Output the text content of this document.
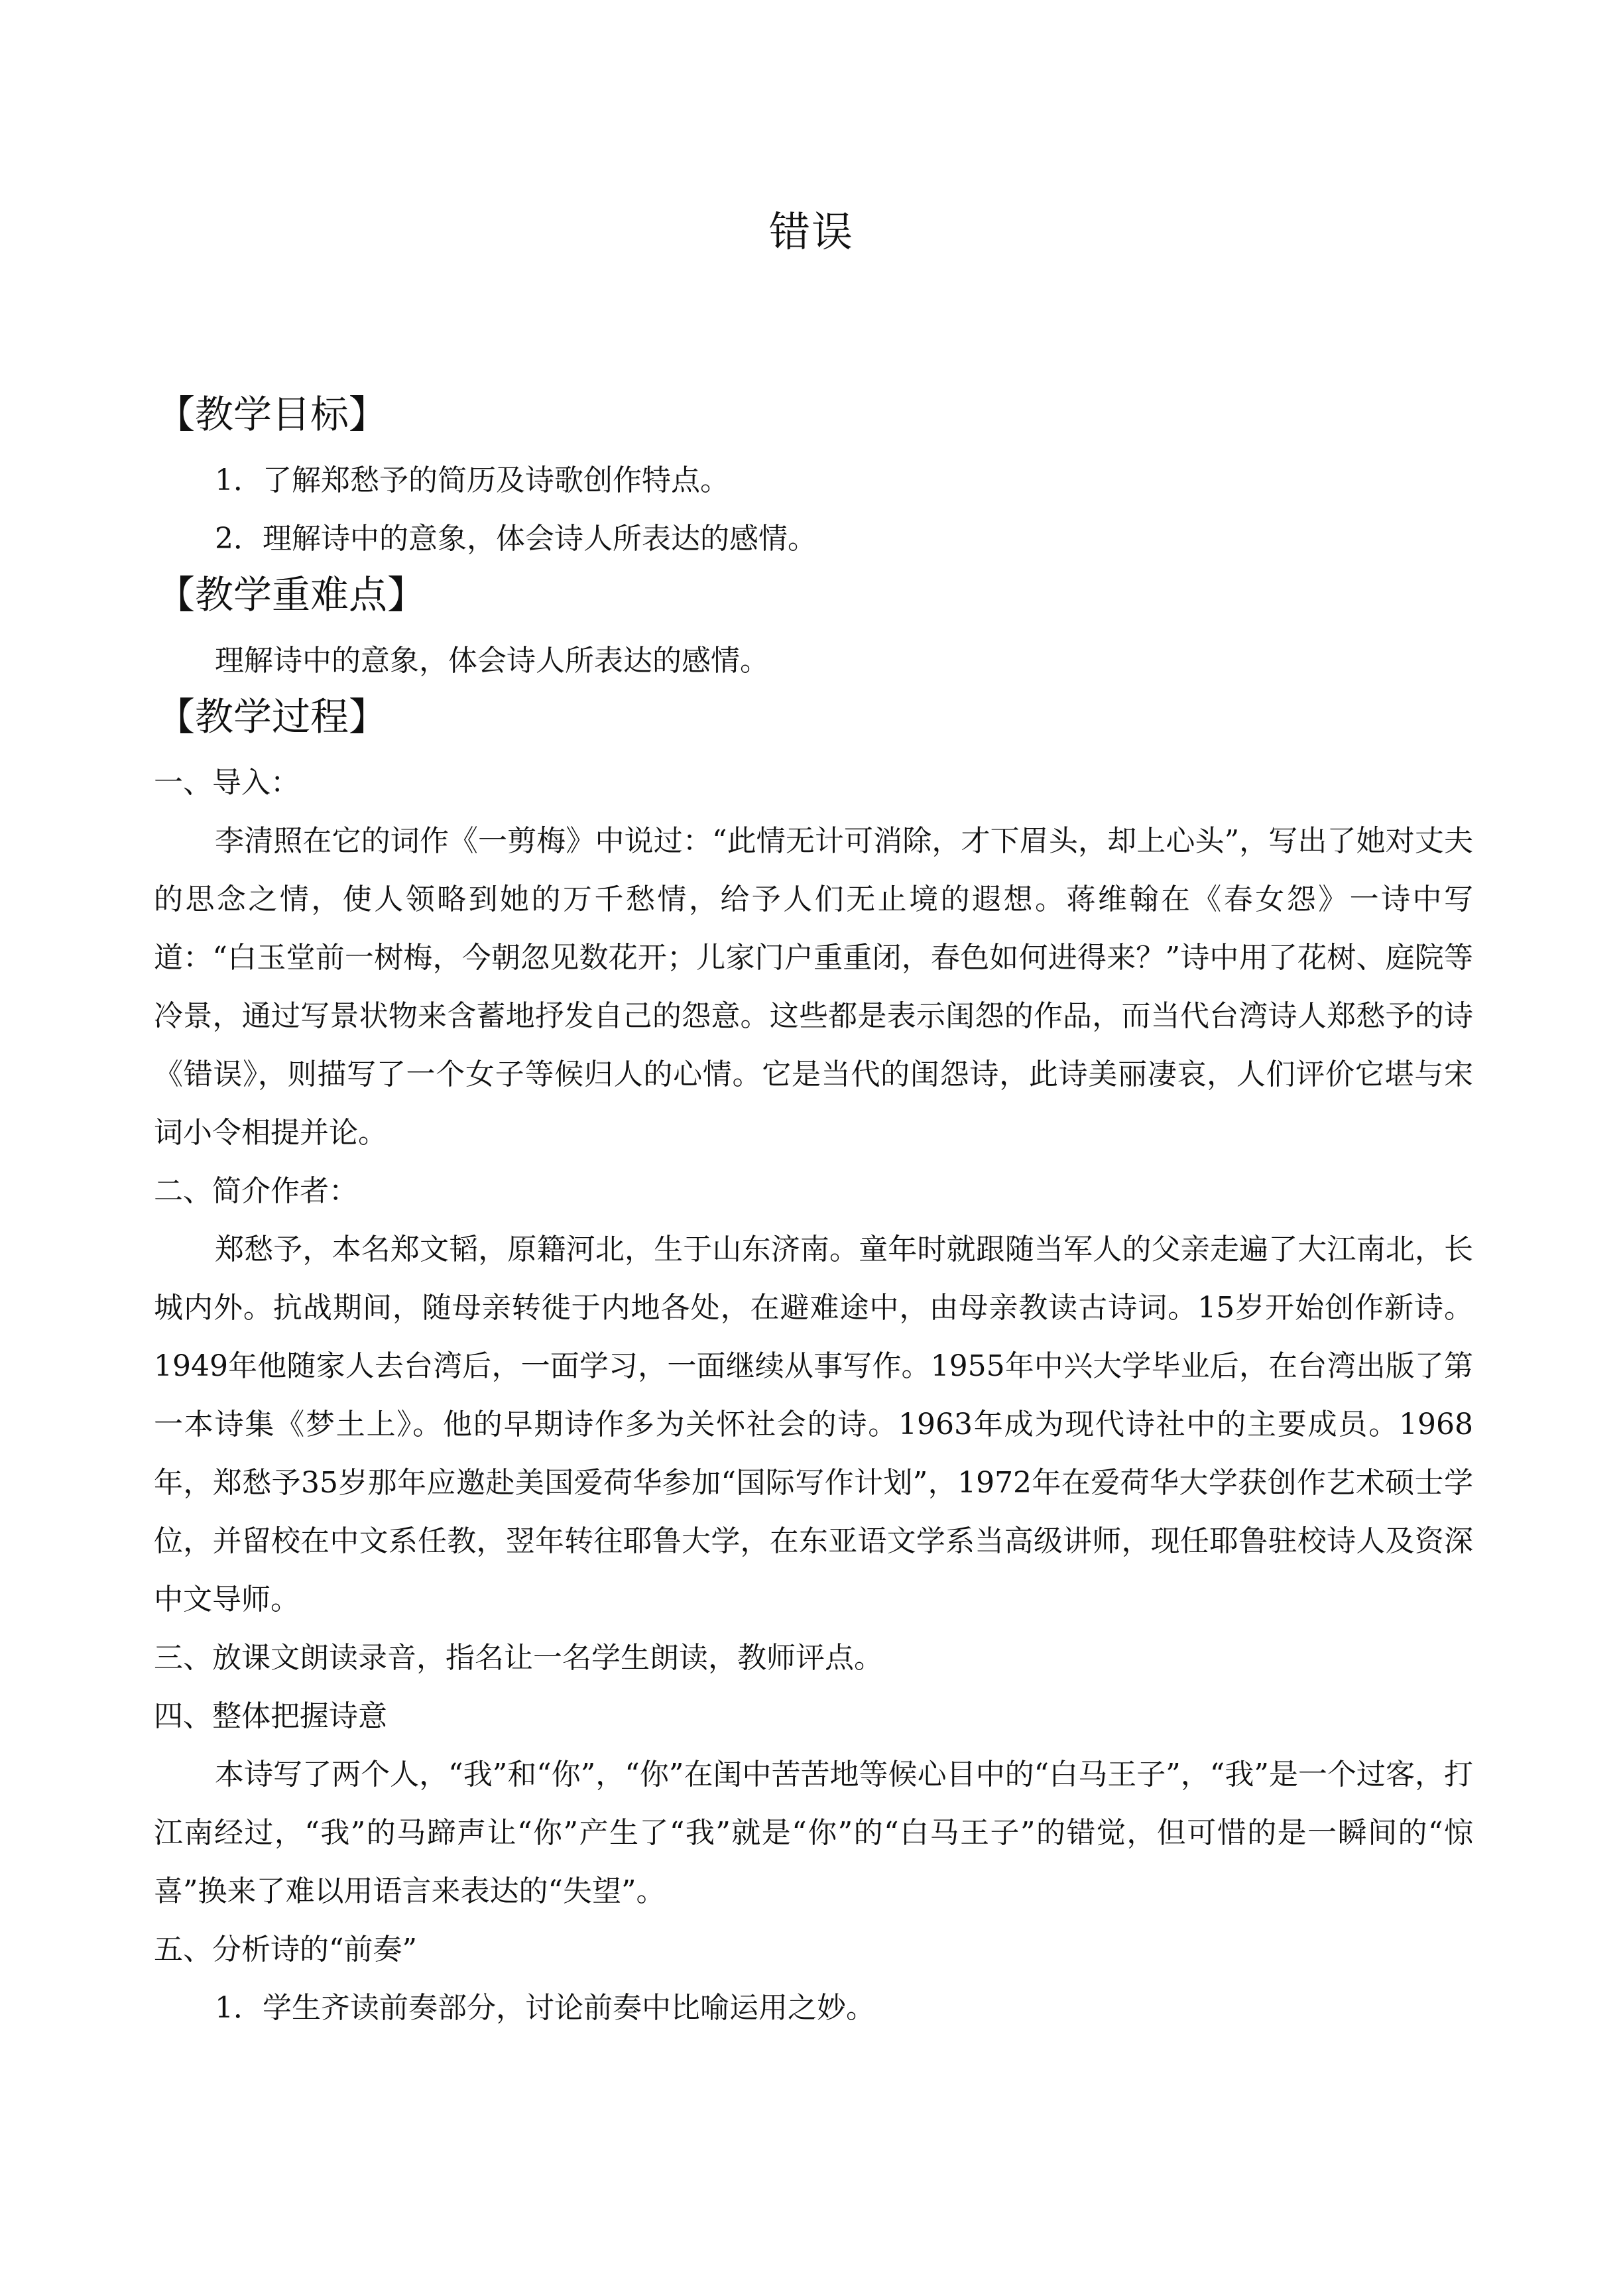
错误
【教学目标】
1．了解郑愁予的简历及诗歌创作特点。
2．理解诗中的意象，体会诗人所表达的感情。
【教学重难点】
理解诗中的意象，体会诗人所表达的感情。
【教学过程】
一、导入：

李清照在它的词作《一剪梅》中说过：“此情无计可消除，才下眉头，却上心头”，写出了她对丈夫的思念之情，使人领略到她的万千愁情，给予人们无止境的遐想。蒋维翰在《春女怨》一诗中写道：“白玉堂前一树梅，今朝忽见数花开；儿家门户重重闭，春色如何进得来？”诗中用了花树、庭院等冷景，通过写景状物来含蓄地抒发自己的怨意。这些都是表示闺怨的作品，而当代台湾诗人郑愁予的诗《错误》，则描写了一个女子等候归人的心情。它是当代的闺怨诗，此诗美丽凄哀，人们评价它堪与宋词小令相提并论。

二、简介作者：

郑愁予，本名郑文韬，原籍河北，生于山东济南。童年时就跟随当军人的父亲走遍了大江南北，长城内外。抗战期间，随母亲转徙于内地各处，在避难途中，由母亲教读古诗词。15岁开始创作新诗。1949年他随家人去台湾后，一面学习，一面继续从事写作。1955年中兴大学毕业后，在台湾出版了第一本诗集《梦土上》。他的早期诗作多为关怀社会的诗。1963年成为现代诗社中的主要成员。1968年，郑愁予35岁那年应邀赴美国爱荷华参加“国际写作计划”，1972年在爱荷华大学获创作艺术硕士学位，并留校在中文系任教，翌年转往耶鲁大学，在东亚语文学系当高级讲师，现任耶鲁驻校诗人及资深中文导师。

三、放课文朗读录音，指名让一名学生朗读，教师评点。
四、整体把握诗意

本诗写了两个人，“我”和“你”，“你”在闺中苦苦地等候心目中的“白马王子”，“我”是一个过客，打江南经过，“我”的马蹄声让“你”产生了“我”就是“你”的“白马王子”的错觉，但可惜的是一瞬间的“惊喜”换来了难以用语言来表达的“失望”。

五、分析诗的“前奏”
1．学生齐读前奏部分，讨论前奏中比喻运用之妙。
